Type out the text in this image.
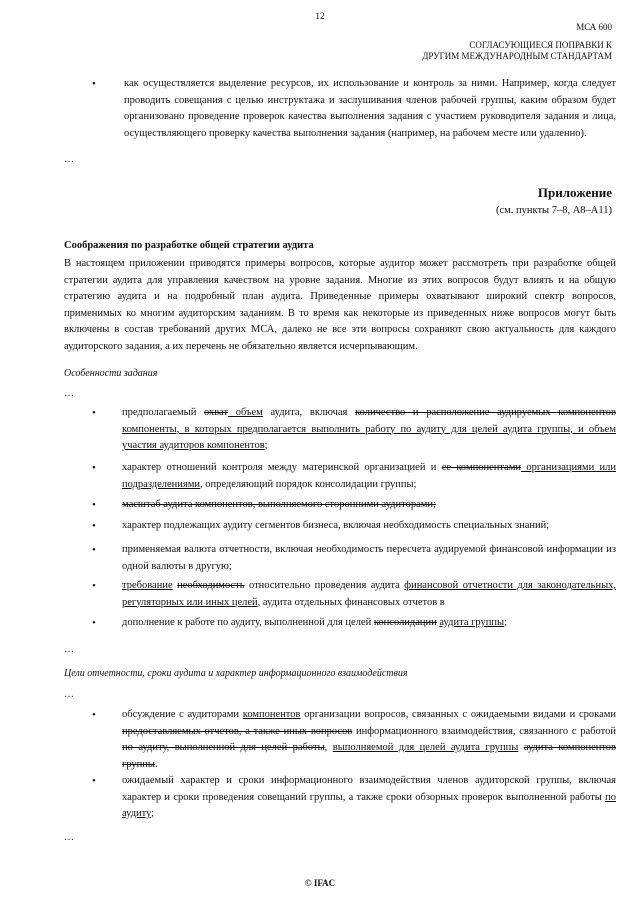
12
МСА 600
СОГЛАСУЮЩИЕСЯ ПОПРАВКИ К
ДРУГИМ МЕЖДУНАРОДНЫМ СТАНДАРТАМ
•	как осуществляется выделение ресурсов, их использование и контроль за ними. Например, когда следует проводить совещания с целью инструктажа и заслушивания членов рабочей группы, каким образом будет организовано проведение проверок качества выполнения задания с участием руководителя задания и лица, осуществляющего проверку качества выполнения задания (например, на рабочем месте или удаленно).

…
Приложение
(см. пункты 7–8, A8–A11)
Соображения по разработке общей стратегии аудита

В настоящем приложении приводятся примеры вопросов, которые аудитор может рассмотреть при разработке общей стратегии аудита для управления качеством на уровне задания. Многие из этих вопросов будут влиять и на общую стратегию аудита и на подробный план аудита. Приведенные примеры охватывают широкий спектр вопросов, применимых ко многим аудиторским заданиям. В то время как некоторые из приведенных ниже вопросов могут быть включены в состав требований других МСА, далеко не все эти вопросы сохраняют свою актуальность для каждого аудиторского задания, а их перечень не обязательно является исчерпывающим.

Особенности задания
…
• предполагаемый охват объем аудита, включая количество и расположение аудируемых компонентов компоненты, в которых предполагается выполнить работу по аудиту для целей аудита группы, и объем участия аудиторов компонентов;

• характер отношений контроля между материнской организацией и ее компонентами организациями или подразделениями, определяющий порядок консолидации группы;

• масштаб аудита компонентов, выполняемого сторонними аудиторами;

• характер подлежащих аудиту сегментов бизнеса, включая необходимость специальных знаний;

• применяемая валюта отчетности, включая необходимость пересчета аудируемой финансовой информации из одной валюты в другую;

• требование необходимость относительно проведения аудита финансовой отчетности для законодательных, регуляторных или иных целей, аудита отдельных финансовых отчетов в

• дополнение к работе по аудиту, выполненной для целей консолидации аудита группы;

…
Цели отчетности, сроки аудита и характер информационного взаимодействия
…
• обсуждение с аудиторами компонентов организации вопросов, связанных с ожидаемыми видами и сроками предоставляемых отчетов, а также иных вопросов информационного взаимодействия, связанного с работой по аудиту, выполненной для целей работы, выполняемой для целей аудита группы аудита компонентов группы.

• ожидаемый характер и сроки информационного взаимодействия членов аудиторской группы, включая характер и сроки проведения совещаний группы, а также сроки обзорных проверок выполненной работы по аудиту;

…
© IFAC
